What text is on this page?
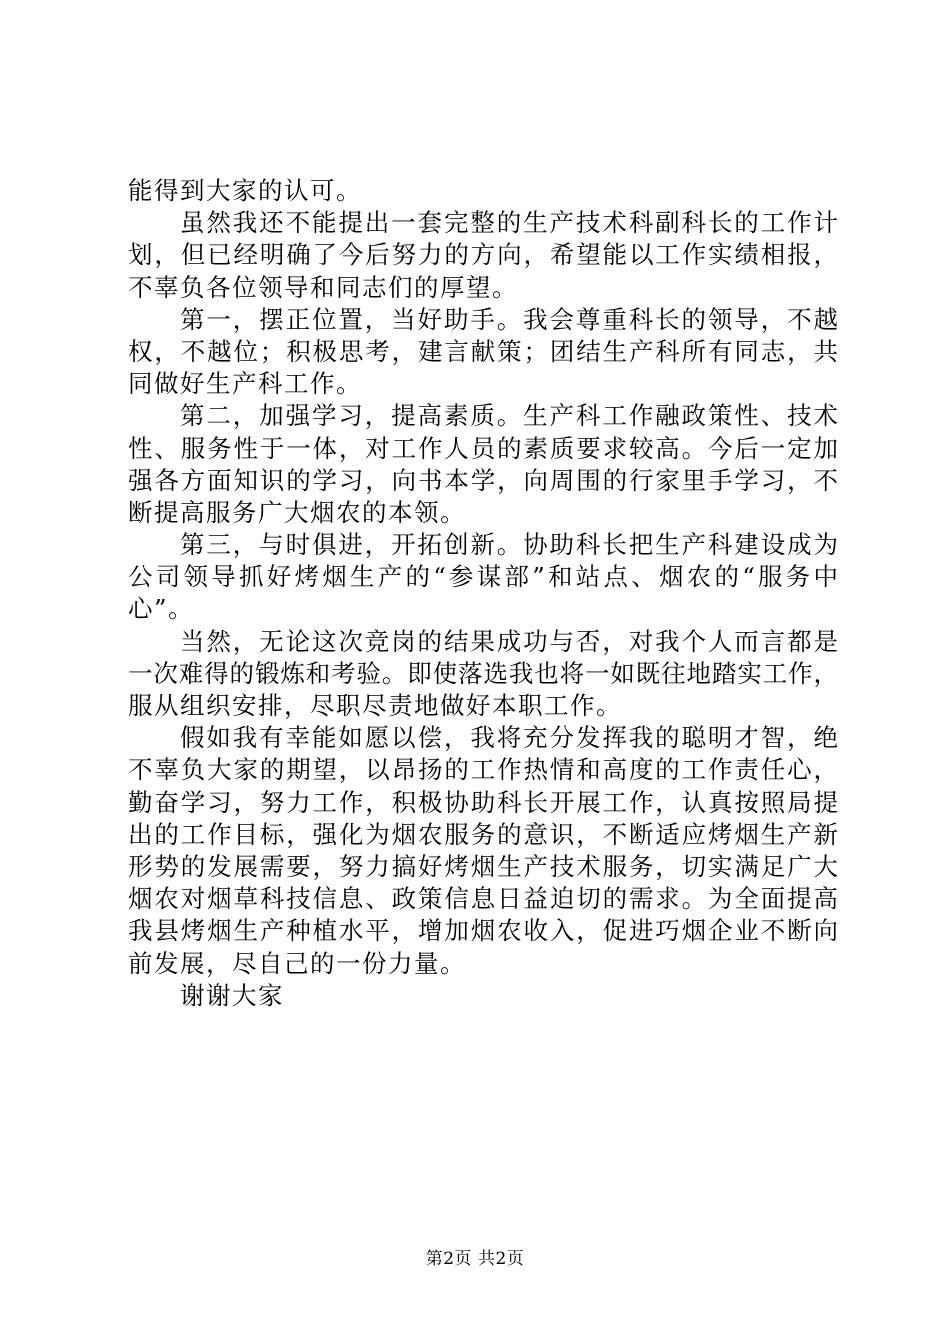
能得到大家的认可。
虽然我还不能提出一套完整的生产技术科副科长的工作计
划，但已经明确了今后努力的方向，希望能以工作实绩相报，
不辜负各位领导和同志们的厚望。
第一，摆正位置，当好助手。我会尊重科长的领导，不越
权，不越位；积极思考，建言献策；团结生产科所有同志，共
同做好生产科工作。
第二，加强学习，提高素质。生产科工作融政策性、技术
性、服务性于一体，对工作人员的素质要求较高。今后一定加
强各方面知识的学习，向书本学，向周围的行家里手学习，不
断提高服务广大烟农的本领。
第三，与时俱进，开拓创新。协助科长把生产科建设成为
公司领导抓好烤烟生产的“参谋部”和站点、烟农的“服务中
心”。
当然，无论这次竞岗的结果成功与否，对我个人而言都是
一次难得的锻炼和考验。即使落选我也将一如既往地踏实工作，
服从组织安排，尽职尽责地做好本职工作。
假如我有幸能如愿以偿，我将充分发挥我的聪明才智，绝
不辜负大家的期望，以昂扬的工作热情和高度的工作责任心，
勤奋学习，努力工作，积极协助科长开展工作，认真按照局提
出的工作目标，强化为烟农服务的意识，不断适应烤烟生产新
形势的发展需要，努力搞好烤烟生产技术服务，切实满足广大
烟农对烟草科技信息、政策信息日益迫切的需求。为全面提高
我县烤烟生产种植水平，增加烟农收入，促进巧烟企业不断向
前发展，尽自己的一份力量。
谢谢大家
第2页 共2页
